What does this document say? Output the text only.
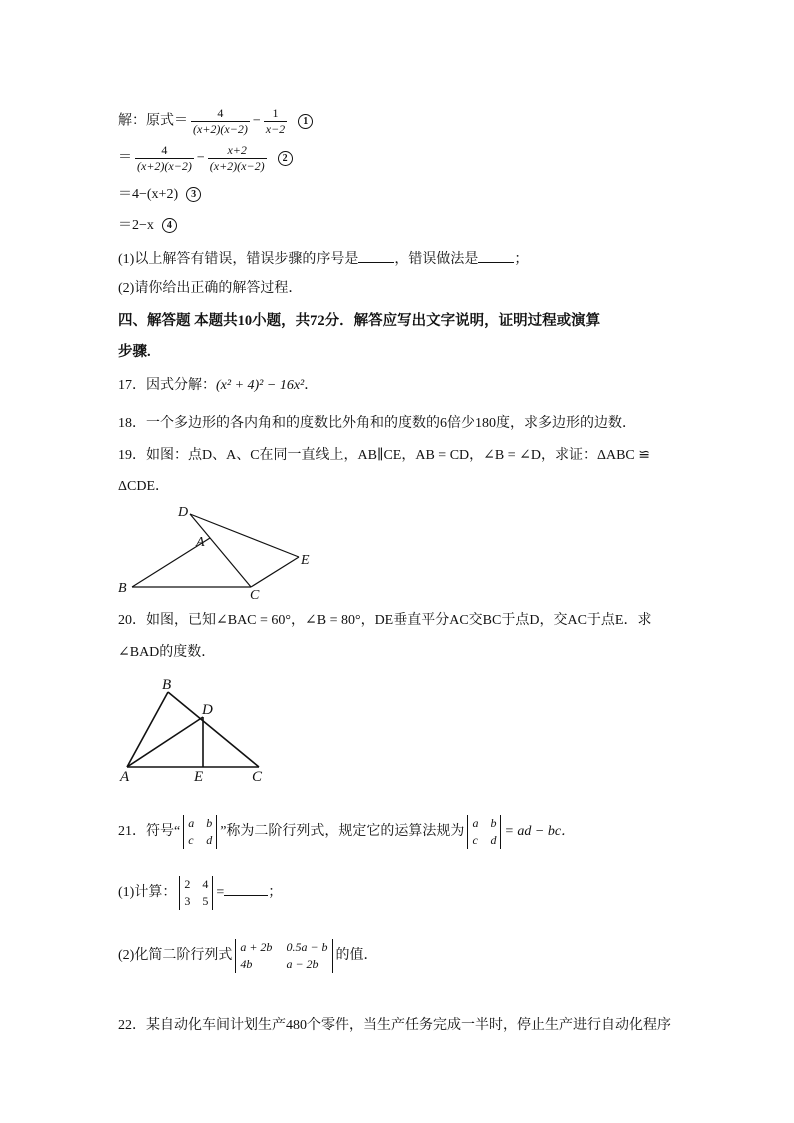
解：原式＝ $\frac{4}{(x+2)(x-2)} - \frac{1}{x-2} 1$
＝ $\frac{4}{(x+2)(x-2)} - \frac{x+2}{(x+2)(x-2)} 2$
＝4−(x+2) 3
＝2−x 4
(1)以上解答有错误，错误步骤的序号是	，错误做法是	；
(2)请你给出正确的解答过程．
四、解答题 本题共10小题，共72分．解答应写出文字说明，证明过程或演算
步骤.
17．因式分解：(x² + 4)² − 16x²．
18．一个多边形的各内角和的度数比外角和的度数的6倍少180度，求多边形的边数．
19．如图：点D、A、C在同一直线上，AB∥CE，AB = CD，∠B = ∠D，求证：ΔABC ≌
ΔCDE．
D
A
E
B	C
20．如图，已知∠BAC = 60°，∠B = 80°，DE垂直平分AC交BC于点D，交AC于点E．求
∠BAD的度数．
B
D
A	E	C
21．符号“
a b
c d
”称为二阶行列式，规定它的运算法规为
a b
c d
= ad − bc．
(1)计算：
2 4
3 5
=	；
(2)化简二阶行列式
a + 2b 0.5a − b
4b	a − 2b
的值．
22．某自动化车间计划生产480个零件，当生产任务完成一半时，停止生产进行自动化程序
